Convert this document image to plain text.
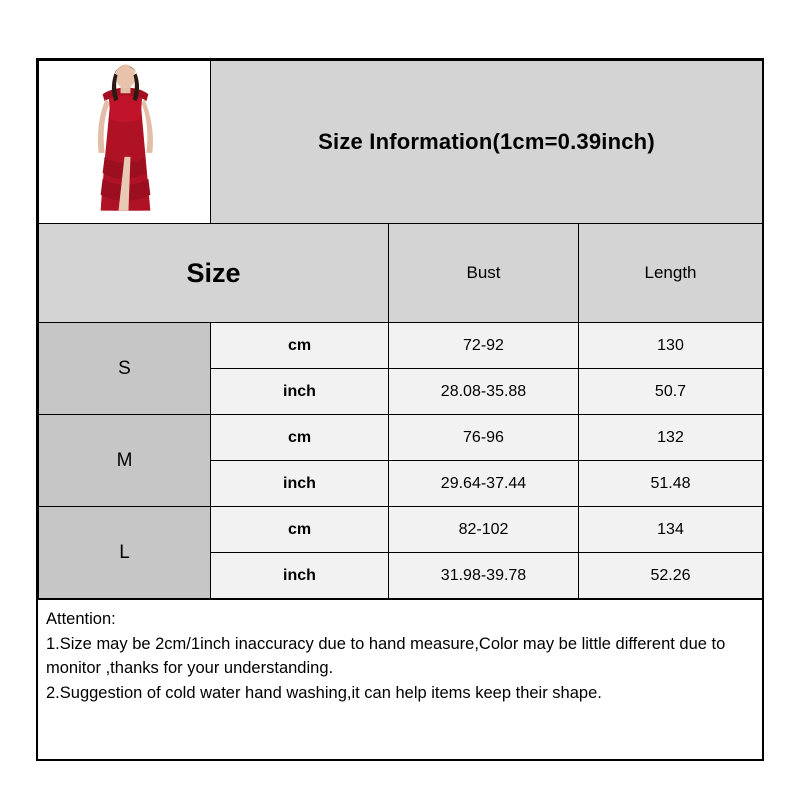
	Size Information(1cm=0.39inch)		
Size		Bust	Length
S	cm	72-92	130
	inch	28.08-35.88	50.7
M	cm	76-96	132
	inch	29.64-37.44	51.48
L	cm	82-102	134
	inch	31.98-39.78	52.26

Attention:

1.Size may be 2cm/1inch inaccuracy due to hand measure,Color may be little different due to monitor ,thanks for your understanding.

2.Suggestion of cold water hand washing,it can help items keep their shape.
